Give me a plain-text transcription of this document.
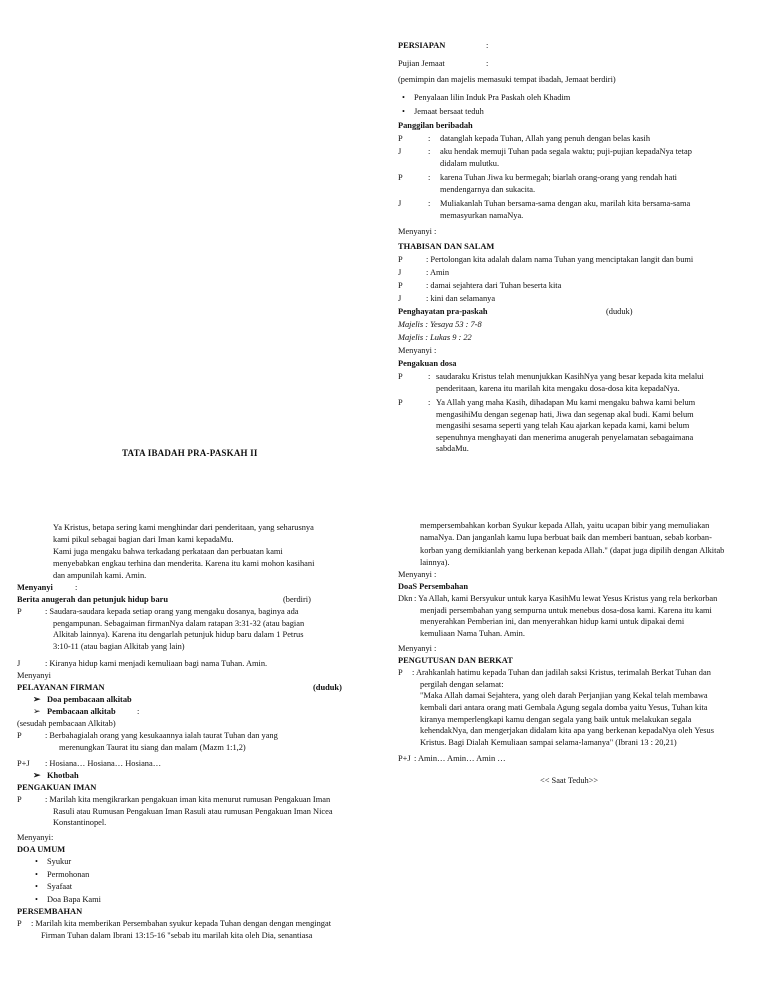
PERSIAPAN	:
Pujian Jemaat	:
(pemimpin dan majelis memasuki tempat ibadah, Jemaat berdiri)
• Penyalaan lilin Induk Pra Paskah oleh Khadim
• Jemaat bersaat teduh
Panggilan beribadah
P	: datanglah kepada Tuhan, Allah yang penuh dengan belas kasih
J	: aku hendak memuji Tuhan pada segala waktu; puji-pujian kepadaNya tetap
didalam mulutku.
P	: karena Tuhan Jiwa ku bermegah; biarlah orang-orang yang rendah hati
mendengarnya dan sukacita.
J	: Muliakanlah Tuhan bersama-sama dengan aku, marilah kita bersama-sama
memasyurkan namaNya.
Menyanyi :
THABISAN DAN SALAM
P	: Pertolongan kita adalah dalam nama Tuhan yang menciptakan langit dan bumi
J	: Amin
P	: damai sejahtera dari Tuhan beserta kita
J	: kini dan selamanya
Penghayatan pra-paskah	(duduk)
Majelis : Yesaya 53 : 7-8
Majelis : Lukas 9 : 22
Menyanyi :
Pengakuan dosa
P	: saudaraku Kristus telah menunjukkan KasihNya yang besar kepada kita melalui
penderitaan, karena itu marilah kita mengaku dosa-dosa kita kepadaNya.
P	: Ya Allah yang maha Kasih, dihadapan Mu kami mengaku bahwa kami belum
mengasihiMu dengan segenap hati, Jiwa dan segenap akal budi. Kami belum
mengasihi sesama seperti yang telah Kau ajarkan kepada kami, kami belum
sepenuhnya menghayati dan menerima anugerah penyelamatan sebagaimana
sabdaMu.
TATA IBADAH PRA-PASKAH II
Ya Kristus, betapa sering kami menghindar dari penderitaan, yang seharusnya
kami pikul sebagai bagian dari Iman kami kepadaMu.
Kami juga mengaku bahwa terkadang perkataan dan perbuatan kami
menyebabkan engkau terhina dan menderita. Karena itu kami mohon kasihani
dan ampunilah kami. Amin.
Menyanyi	:
Berita anugerah dan petunjuk hidup baru	(berdiri)
P	: Saudara-saudara kepada setiap orang yang mengaku dosanya, baginya ada
pengampunan. Sebagaiman firmanNya dalam ratapan 3:31-32 (atau bagian
Alkitab lainnya). Karena itu dengarlah petunjuk hidup baru dalam 1 Petrus
3:10-11 (atau bagian Alkitab yang lain)
J	: Kiranya hidup kami menjadi kemuliaan bagi nama Tuhan. Amin.
Menyanyi
PELAYANAN FIRMAN	(duduk)
➢ Doa pembacaan alkitab
➢ Pembacaan alkitab	:
(sesudah pembacaan Alkitab)
P	: Berbahagialah orang yang kesukaannya ialah taurat Tuhan dan yang
merenungkan Taurat itu siang dan malam (Mazm 1:1,2)
P+J : Hosiana… Hosiana… Hosiana…
➢ Khotbah
PENGAKUAN IMAN
P	: Marilah kita mengikrarkan pengakuan iman kita menurut rumusan Pengakuan Iman
Rasuli atau Rumusan Pengakuan Iman Rasuli atau rumusan Pengakuan Iman Nicea
Konstantinopel.
Menyanyi:
DOA UMUM
• Syukur
• Permohonan
• Syafaat
• Doa Bapa Kami
PERSEMBAHAN
P : Marilah kita memberikan Persembahan syukur kepada Tuhan dengan dengan mengingat
Firman Tuhan dalam Ibrani 13:15-16 "sebab itu marilah kita oleh Dia, senantiasa
mempersembahkan korban Syukur kepada Allah, yaitu ucapan bibir yang memuliakan
namaNya. Dan janganlah kamu lupa berbuat baik dan memberi bantuan, sebab korban-
korban yang demikianlah yang berkenan kepada Allah." (dapat juga dipilih dengan Alkitab
lainnya).
Menyanyi :
DoaS Persembahan
Dkn : Ya Allah, kami Bersyukur untuk karya KasihMu lewat Yesus Kristus yang rela berkorban
menjadi persembahan yang sempurna untuk menebus dosa-dosa kami. Karena itu kami
menyerahkan Pemberian ini, dan menyerahkan hidup kami untuk dipakai demi
kemuliaan Nama Tuhan. Amin.
Menyanyi :
PENGUTUSAN DAN BERKAT
P : Arahkanlah hatimu kepada Tuhan dan jadilah saksi Kristus, terimalah Berkat Tuhan dan
pergilah dengan selamat:
"Maka Allah damai Sejahtera, yang oleh darah Perjanjian yang Kekal telah membawa
kembali dari antara orang mati Gembala Agung segala domba yaitu Yesus, Tuhan kita
kiranya memperlengkapi kamu dengan segala yang baik untuk melakukan segala
kehendakNya, dan mengerjakan didalam kita apa yang berkenan kepadaNya oleh Yesus
Kristus. Bagi Dialah Kemuliaan sampai selama-lamanya" (Ibrani 13 : 20,21)
P+J : Amin… Amin… Amin …
<< Saat Teduh>>
